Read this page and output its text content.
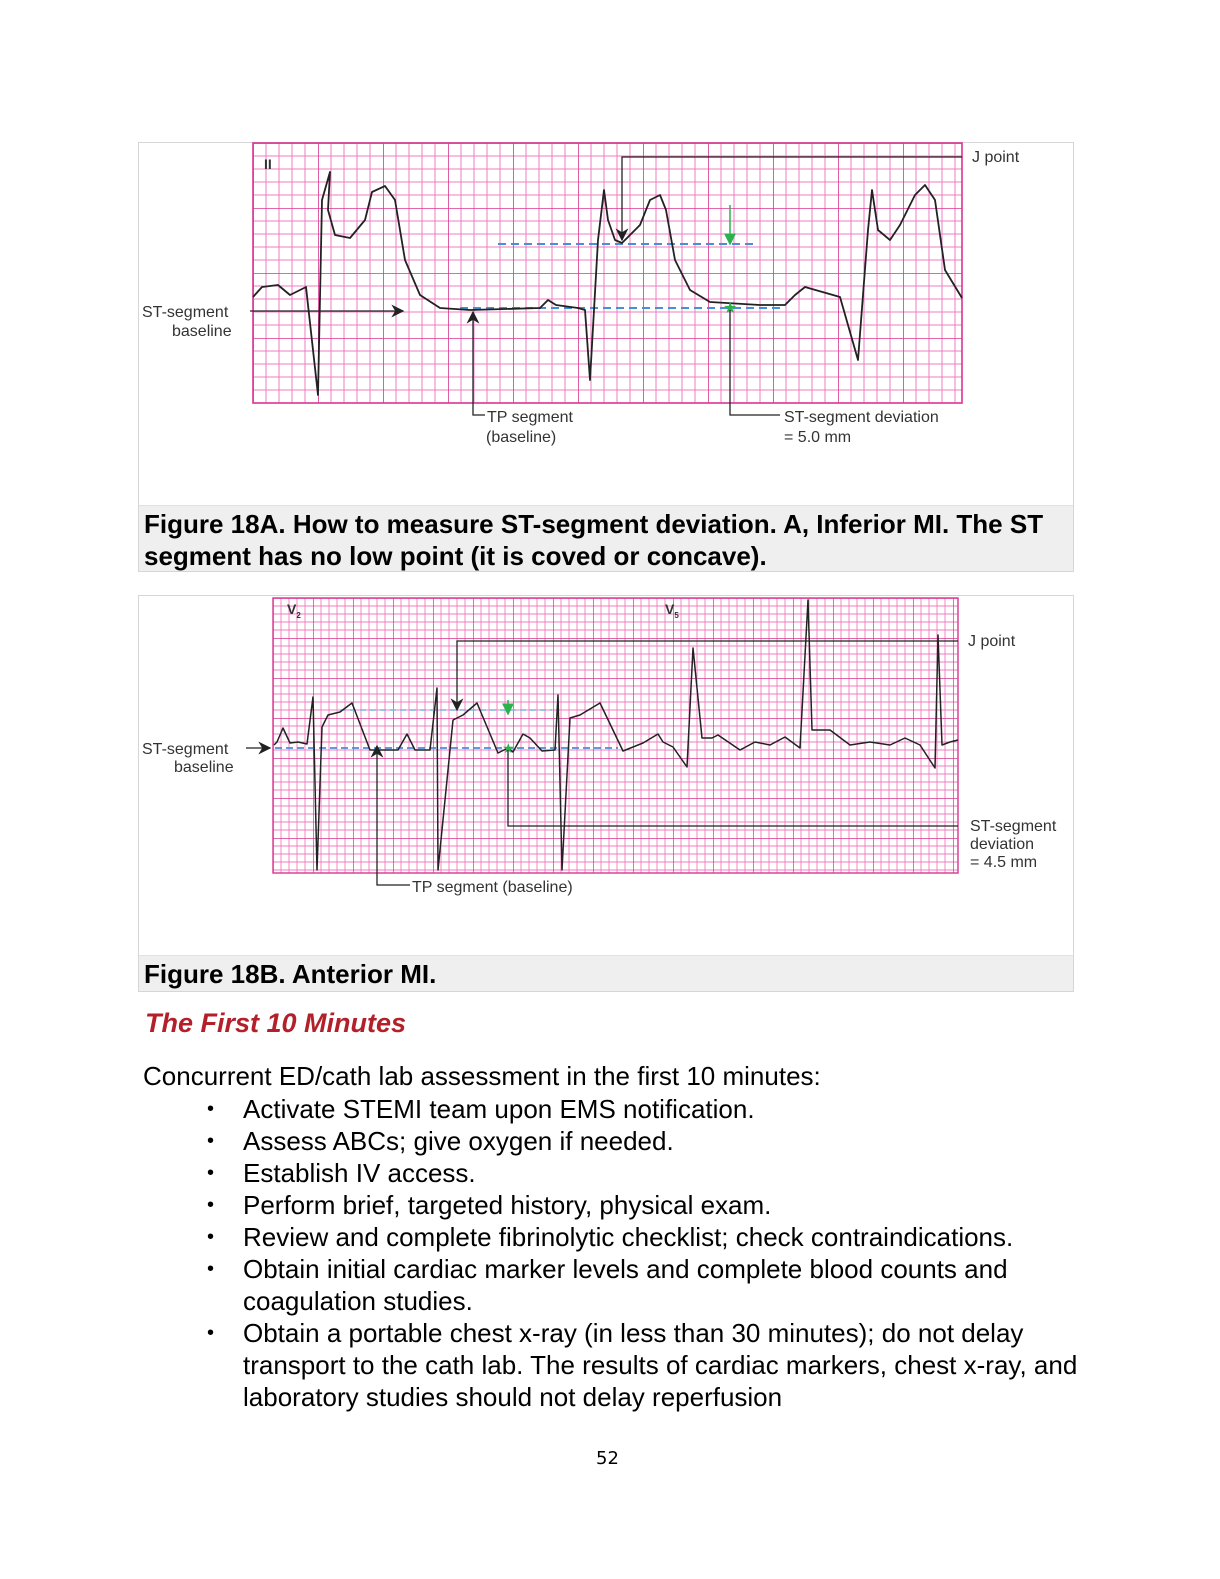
Figure 18A. How to measure ST-segment deviation. A, Inferior MI. The ST segment has no low point (it is coved or concave).
Figure 18B. Anterior MI.
II	J point
★
ST-segment
baseline
TP segment
(baseline)
ST-segment deviation
= 5.0 mm
$V_2$	$V_5$
J point
★
ST-segment
baseline
TP segment (baseline)
ST-segment
deviation
= 4.5 mm
The First 10 Minutes
Concurrent ED/cath lab assessment in the first 10 minutes:
• Activate STEMI team upon EMS notification.
• Assess ABCs; give oxygen if needed.
• Establish IV access.
• Perform brief, targeted history, physical exam.
• Review and complete fibrinolytic checklist; check contraindications.
• Obtain initial cardiac marker levels and complete blood counts and coagulation studies.
• Obtain a portable chest x-ray (in less than 30 minutes); do not delay transport to the cath lab. The results of cardiac markers, chest x-ray, and laboratory studies should not delay reperfusion
52
